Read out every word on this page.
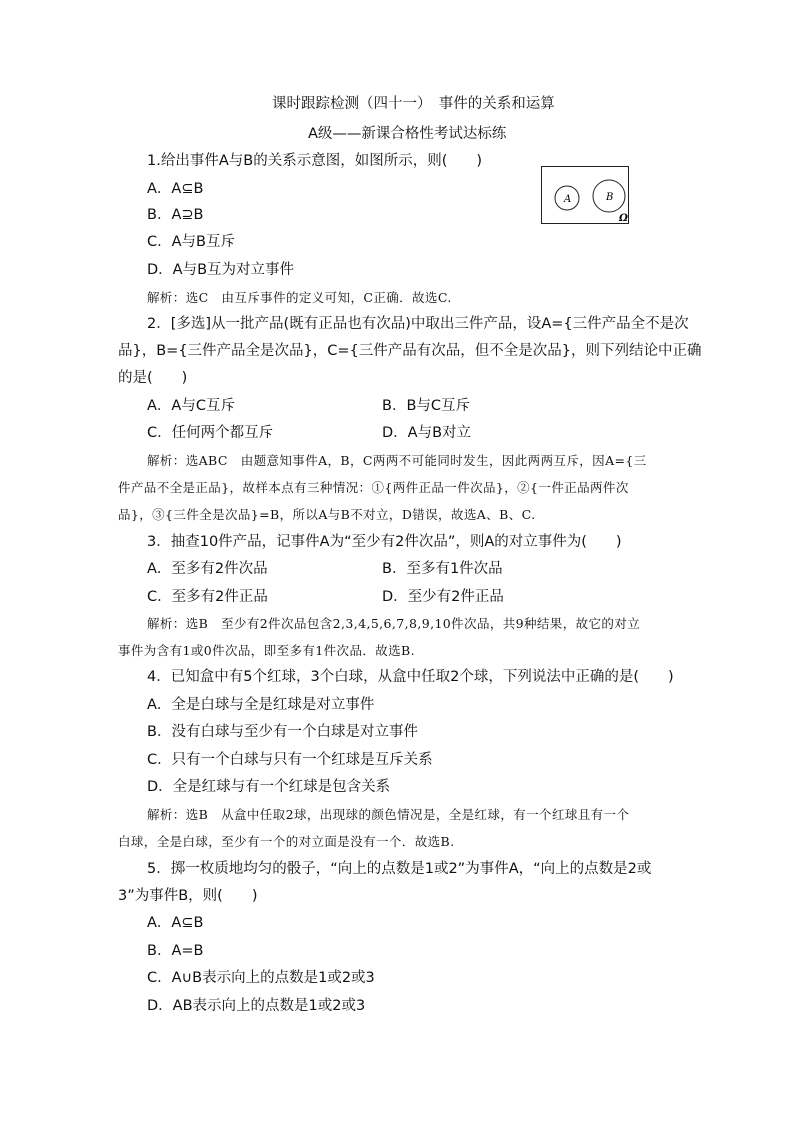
课时跟踪检测（四十一）　事件的关系和运算
A级——新课合格性考试达标练
1.给出事件A与B的关系示意图，如图所示，则(　　)
A．A⊆B
B．A⊇B
C．A与B互斥
D．A与B互为对立事件
解析：选C　由互斥事件的定义可知，C正确．故选C.
A	B
Ω
2．[多选]从一批产品(既有正品也有次品)中取出三件产品，设A={三件产品全不是次
品}，B={三件产品全是次品}，C={三件产品有次品，但不全是次品}，则下列结论中正确
的是(　　)
A．A与C互斥	B．B与C互斥
C．任何两个都互斥	D．A与B对立
解析：选ABC　由题意知事件A，B，C两两不可能同时发生，因此两两互斥，因A={三
件产品不全是正品}，故样本点有三种情况：①{两件正品一件次品}，②{一件正品两件次
品}，③{三件全是次品}=B，所以A与B不对立，D错误，故选A、B、C.
3．抽查10件产品，记事件A为“至少有2件次品”，则A的对立事件为(　　)
A．至多有2件次品	B．至多有1件次品
C．至多有2件正品	D．至少有2件正品
解析：选B　至少有2件次品包含2,3,4,5,6,7,8,9,10件次品，共9种结果，故它的对立
事件为含有1或0件次品，即至多有1件次品．故选B.
4．已知盒中有5个红球，3个白球，从盒中任取2个球，下列说法中正确的是(　　)
A．全是白球与全是红球是对立事件
B．没有白球与至少有一个白球是对立事件
C．只有一个白球与只有一个红球是互斥关系
D．全是红球与有一个红球是包含关系
解析：选B　从盒中任取2球，出现球的颜色情况是，全是红球，有一个红球且有一个
白球，全是白球，至少有一个的对立面是没有一个．故选B.
5．掷一枚质地均匀的骰子，“向上的点数是1或2”为事件A，“向上的点数是2或
3”为事件B，则(　　)
A．A⊆B
B．A=B
C．A∪B表示向上的点数是1或2或3
D．AB表示向上的点数是1或2或3
